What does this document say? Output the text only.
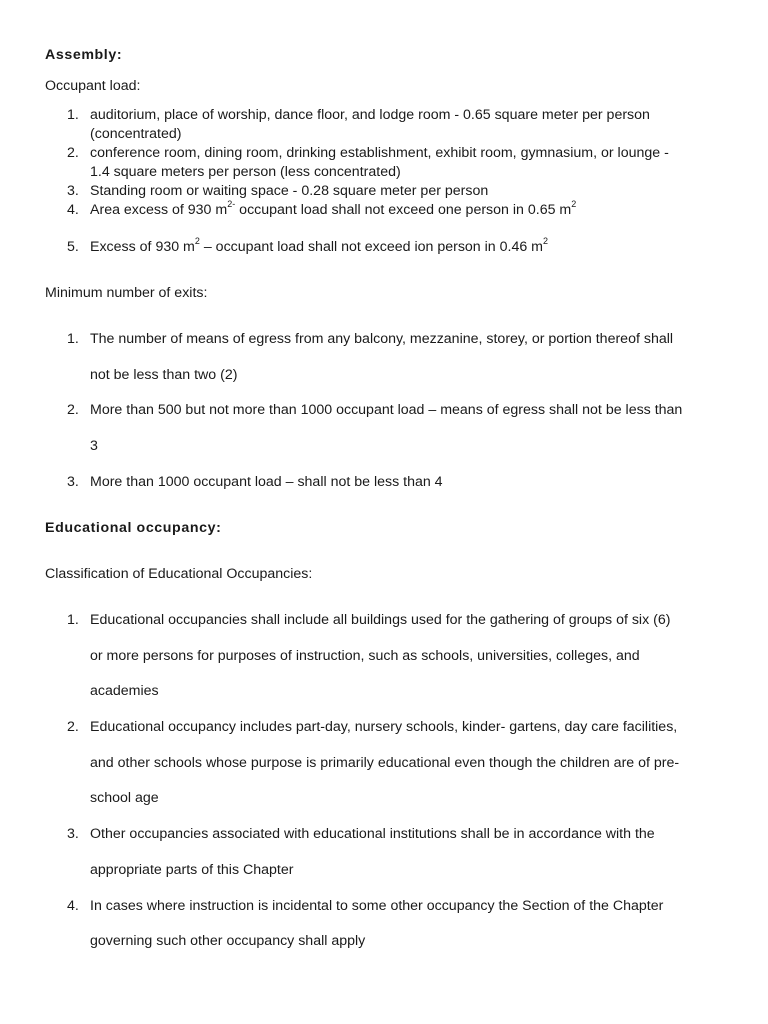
Assembly:
Occupant load:
1. auditorium, place of worship, dance floor, and lodge room - 0.65 square meter per person
(concentrated)
2. conference room, dining room, drinking establishment, exhibit room, gymnasium, or lounge -
1.4 square meters per person (less concentrated)
3. Standing room or waiting space - 0.28 square meter per person
4. Area excess of 930 $m^{2-}$ occupant load shall not exceed one person in 0.65 $m^2$
5. Excess of 930 $m^2$ – occupant load shall not exceed ion person in 0.46 $m^2$
Minimum number of exits:
1. The number of means of egress from any balcony, mezzanine, storey, or portion thereof shall
not be less than two (2)
2. More than 500 but not more than 1000 occupant load – means of egress shall not be less than
3
3. More than 1000 occupant load – shall not be less than 4
Educational occupancy:
Classification of Educational Occupancies:
1. Educational occupancies shall include all buildings used for the gathering of groups of six (6)
or more persons for purposes of instruction, such as schools, universities, colleges, and
academies
2. Educational occupancy includes part-day, nursery schools, kinder- gartens, day care facilities,
and other schools whose purpose is primarily educational even though the children are of pre-
school age
3. Other occupancies associated with educational institutions shall be in accordance with the
appropriate parts of this Chapter
4. In cases where instruction is incidental to some other occupancy the Section of the Chapter
governing such other occupancy shall apply
